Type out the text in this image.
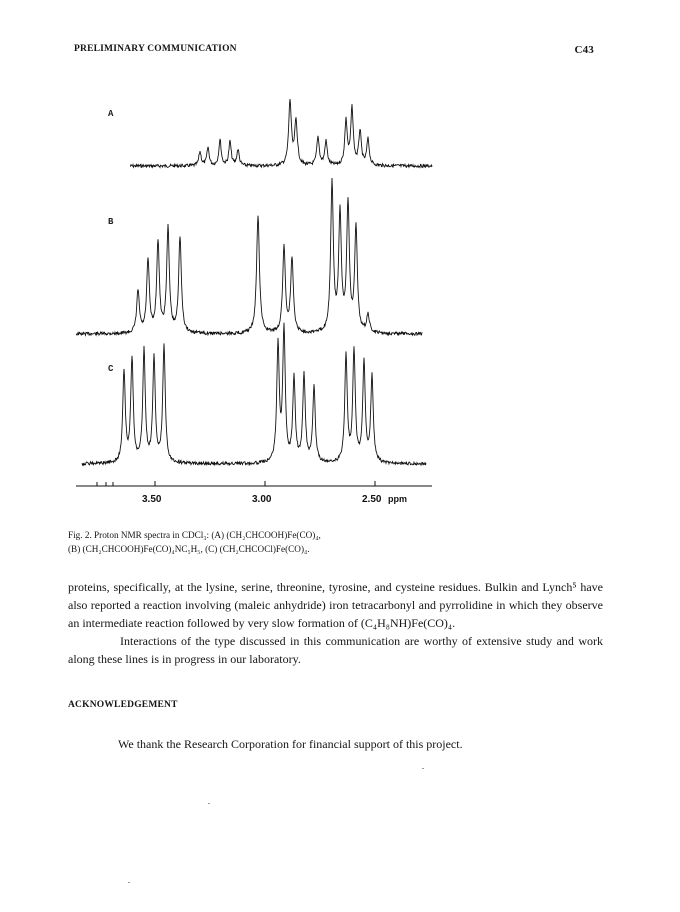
PRELIMINARY COMMUNICATION	C43
A
B
C
3.50	3.00	2.50 ppm
Fig. 2. Proton NMR spectra in CDCl₃: (A) (CH₂CHCOOH)Fe(CO)₄,
(B) (CH₂CHCOOH)Fe(CO)₄NC₅H₅, (C) (CH₂CHCOCl)Fe(CO)₄.

proteins, specifically, at the lysine, serine, threonine, tyrosine, and cysteine residues. Bulkin and Lynch⁵ have also reported a reaction involving (maleic anhydride) iron tetracarbonyl and pyrrolidine in which they observe an intermediate reaction followed by very slow formation of (C₄H₈NH)Fe(CO)₄.

Interactions of the type discussed in this communication are worthy of extensive study and work along these lines is in progress in our laboratory.

ACKNOWLEDGEMENT
We thank the Research Corporation for financial support of this project.
